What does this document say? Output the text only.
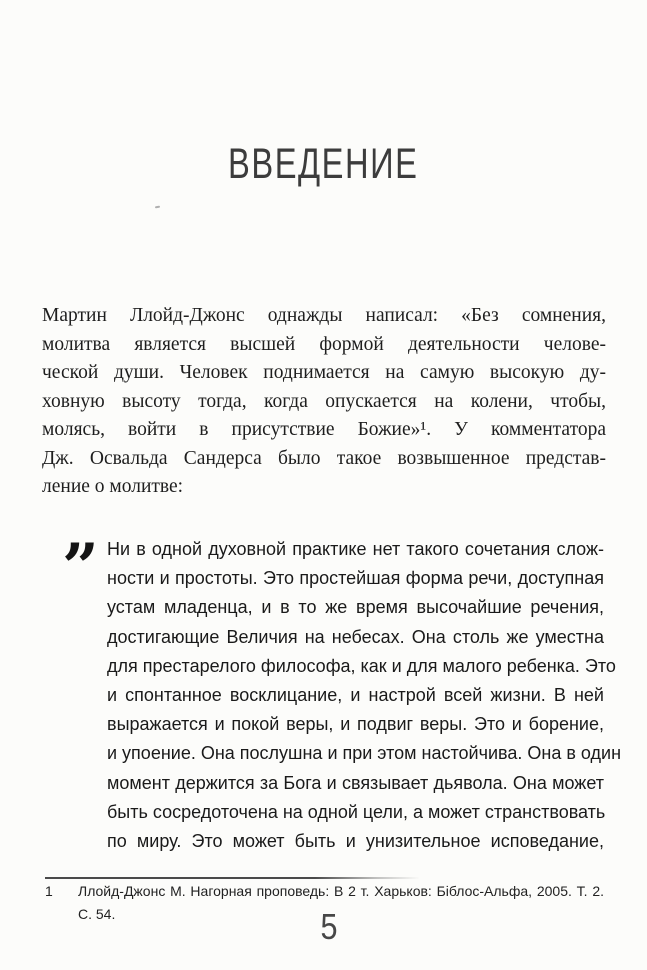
ВВЕДЕНИЕ
Мартин Ллойд-Джонс однажды написал: «Без сомнения,
молитва является высшей формой деятельности челове-
ческой души. Человек поднимается на самую высокую ду-
ховную высоту тогда, когда опускается на колени, чтобы,
молясь, войти в присутствие Божие»¹. У комментатора
Дж. Освальда Сандерса было такое возвышенное представ-
ление о молитве:
” Ни в одной духовной практике нет такого сочетания слож-
ности и простоты. Это простейшая форма речи, доступная
устам младенца, и в то же время высочайшие речения,
достигающие Величия на небесах. Она столь же уместна
для престарелого философа, как и для малого ребенка. Это
и спонтанное восклицание, и настрой всей жизни. В ней
выражается и покой веры, и подвиг веры. Это и борение,
и упоение. Она послушна и при этом настойчива. Она в один
момент держится за Бога и связывает дьявола. Она может
быть сосредоточена на одной цели, а может странствовать
по миру. Это может быть и унизительное исповедание,
1	Ллойд-Джонс М. Нагорная проповедь: В 2 т. Харьков: Біблос-Альфа, 2005. Т. 2.
С. 54.	5
